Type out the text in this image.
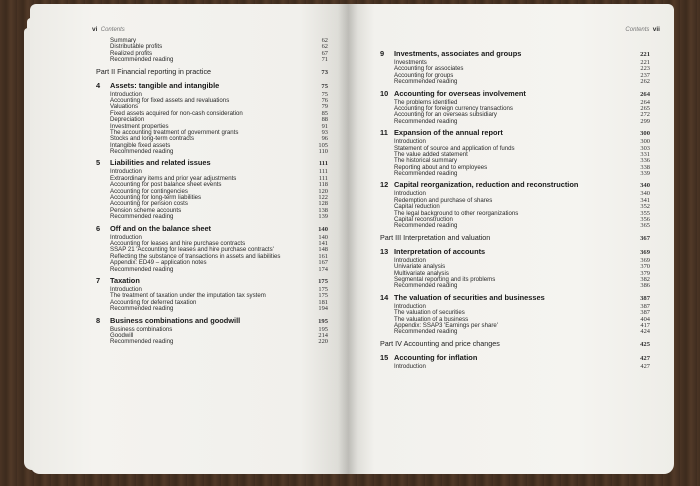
vi Contents
Summary	62
Distributable profits	62
Realized profits	67
Recommended reading	71
Part II Financial reporting in practice	73
4 Assets: tangible and intangible	75
Introduction	75
Accounting for fixed assets and revaluations	76
Valuations	79
Fixed assets acquired for non-cash consideration	85
Depreciation	88
Investment properties	91
The accounting treatment of government grants	93
Stocks and long-term contracts	96
Intangible fixed assets	105
Recommended reading	110
5 Liabilities and related issues	111
Introduction	111
Extraordinary items and prior year adjustments	111
Accounting for post balance sheet events	118
Accounting for contingencies	120
Accounting for long-term liabilities	122
Accounting for pension costs	128
Pension scheme accounts	138
Recommended reading	139
6 Off and on the balance sheet	140
Introduction	140
Accounting for leases and hire purchase contracts	141
SSAP 21 'Accounting for leases and hire purchase contracts'	148
Reflecting the substance of transactions in assets and liabilities	161
Appendix: ED49 – application notes	167
Recommended reading	174
7 Taxation	175
Introduction	175
The treatment of taxation under the imputation tax system	175
Accounting for deferred taxation	181
Recommended reading	194
8 Business combinations and goodwill	195
Business combinations	195
Goodwill	214
Recommended reading	220
Contents vii
9 Investments, associates and groups	221
Investments	221
Accounting for associates	223
Accounting for groups	237
Recommended reading	262
10 Accounting for overseas involvement	264
The problems identified	264
Accounting for foreign currency transactions	265
Accounting for an overseas subsidiary	272
Recommended reading	299
11 Expansion of the annual report	300
Introduction	300
Statement of source and application of funds	303
The value added statement	331
The historical summary	336
Reporting about and to employees	338
Recommended reading	339
12 Capital reorganization, reduction and reconstruction	340
Introduction	340
Redemption and purchase of shares	341
Capital reduction	352
The legal background to other reorganizations	355
Capital reconstruction	356
Recommended reading	365
Part III Interpretation and valuation	367
13 Interpretation of accounts	369
Introduction	369
Univariate analysis	370
Multivariate analysis	379
Segmental reporting and its problems	382
Recommended reading	386
14 The valuation of securities and businesses	387
Introduction	387
The valuation of securities	387
The valuation of a business	404
Appendix: SSAP3 'Earnings per share'	417
Recommended reading	424
Part IV Accounting and price changes	425
15 Accounting for inflation	427
Introduction	427
